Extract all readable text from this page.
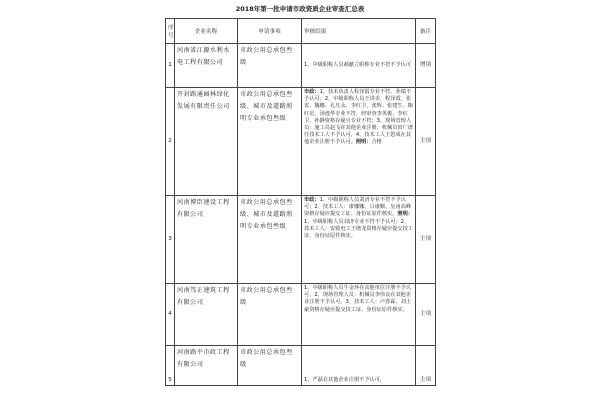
2018年第一批申请市政资质企业审查汇总表
序号	企业名称	申请事项	审核结果	备注
1	河南省江源水利水电工程有限公司	市政公用总承包叁级	1、中级职称人员郝献立职称专业不符不予认可	增项
2	开封路通园林绿化发展有限责任公司	市政公用总承包叁级、城市及道路照明专业承包叁级	市政：1、技术负责人程泽霞专业不符，业绩不予认可；2、中级职称人员王讲美、程泽霞、张雷、魏娜、孔凡永、李红卫、张辉、张建生、陶红星、汤逸华专业不符，经审查李英俊、李红卫、孙静资格存疑且专业不符；3、现场管理人员：施工员赵飞在其他企业注册，机械员田广谱任技术工人不予认可，4、技术工人王恩成在其他企业注册不予认可。照明：合格	主项
3	河南博臣建设工程有限公司	市政公用总承包叁级、城市及道路照明专业承包叁级	市政：1、中级职称人员刘济专业不符不予认可；2、技术工人：康娜娜、吕康顺、皇甫高峰资格存疑应提交工证、身份证原件核实。照明：1、中级职称人员刘济专业不符不予认可；2、技术工人：安骑电工王增龙资格存疑应提交技工证、身份证原件核实。	主项
4	河南笃正建筑工程有限公司	市政公用总承包叁级	1、中级职称人员牛金环在其他单位注册不予认可，2、现场管理人员：机械员李伟良在其他企业注册不予认可。3、技术工人：卢春霖、刘士豪资格存疑应提交技工证、身份证原件核实。	主项
5	河南路平市政工程有限公司	市政公用总承包叁级	1、严磊在其他企业注册不予认可，	主项
